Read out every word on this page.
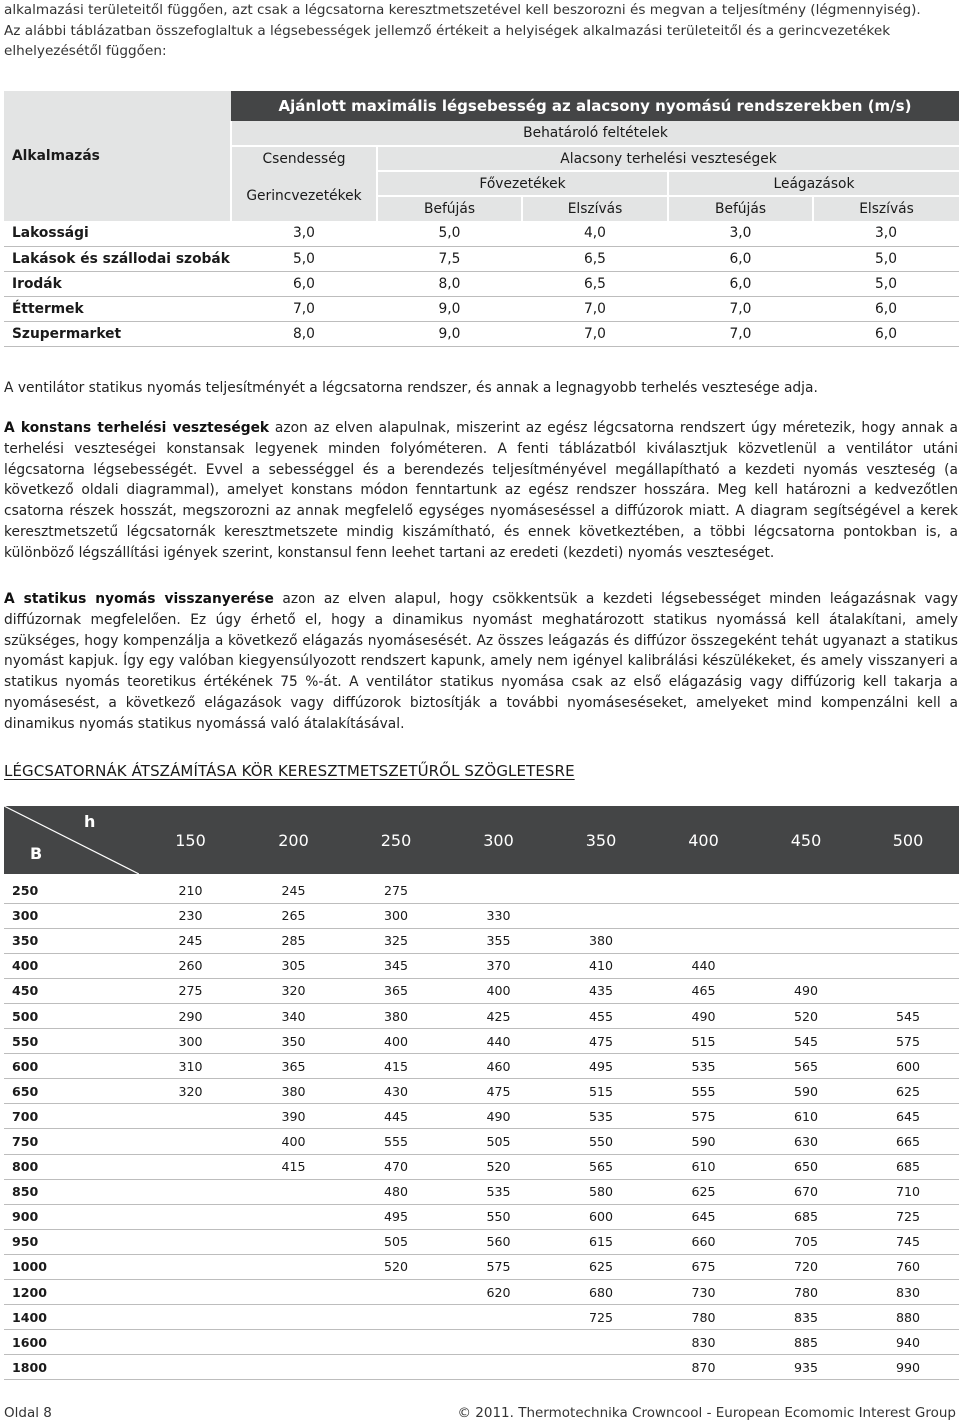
alkalmazási területeitől függően, azt csak a légcsatorna keresztmetszetével kell beszorozni és megvan a teljesítmény (légmennyiség).
Az alábbi táblázatban összefoglaltuk a légsebességek jellemző értékeit a helyiségek alkalmazási területeitől és a gerincvezetékek elhelyezésétől függően:
Alkalmazás	Ajánlott maximális légsebesség az alacsony nyomású rendszerekben (m/s)				
	Behatároló feltételek				
	Csendesség	Alacsony terhelési veszteségek			
	Gerincvezetékek	Fővezetékek		Leágazások	
		Befújás	Elszívás	Befújás	Elszívás
Lakossági	3,0	5,0	4,0	3,0	3,0
Lakások és szállodai szobák	5,0	7,5	6,5	6,0	5,0
Irodák	6,0	8,0	6,5	6,0	5,0
Éttermek	7,0	9,0	7,0	7,0	6,0
Szupermarket	8,0	9,0	7,0	7,0	6,0
A ventilátor statikus nyomás teljesítményét a légcsatorna rendszer, és annak a legnagyobb terhelés vesztesége adja.
A konstans terhelési veszteségek azon az elven alapulnak, miszerint az egész légcsatorna rendszert úgy méretezik, hogy annak a terhelési veszteségei konstansak legyenek minden folyóméteren. A fenti táblázatból kiválasztjuk közvetlenül a ventilátor utáni légcsatorna légsebességét. Evvel a sebességgel és a berendezés teljesítményével megállapítható a kezdeti nyomás veszteség (a következő oldali diagrammal), amelyet konstans módon fenntartunk az egész rendszer hosszára. Meg kell határozni a kedvezőtlen csatorna részek hosszát, megszorozni az annak megfelelő egységes nyomáseséssel a diffúzorok miatt. A diagram segítségével a kerek keresztmetszetű légcsatornák keresztmetszete mindig kiszámítható, és ennek következtében, a többi légcsatorna pontokban is, a különböző légszállítási igények szerint, konstansul fenn leehet tartani az eredeti (kezdeti) nyomás veszteséget.
A statikus nyomás visszanyerése azon az elven alapul, hogy csökkentsük a kezdeti légsebességet minden leágazásnak vagy diffúzornak megfelelően. Ez úgy érhető el, hogy a dinamikus nyomást meghatározott statikus nyomássá kell átalakítani, amely szükséges, hogy kompenzálja a következő elágazás nyomásesését. Az összes leágazás és diffúzor összegeként tehát ugyanazt a statikus nyomást kapjuk. Így egy valóban kiegyensúlyozott rendszert kapunk, amely nem igényel kalibrálási készülékeket, és amely visszanyeri a statikus nyomás teoretikus értékének 75 %-át. A ventilátor statikus nyomása csak az első elágazásig vagy diffúzorig kell takarja a nyomásesést, a következő elágazások vagy diffúzorok biztosítják a további nyomáseséseket, amelyeket mind kompenzálni kell a dinamikus nyomás statikus nyomássá való átalakításával.
LÉGCSATORNÁK ÁTSZÁMÍTÁSA KÖR KERESZTMETSZETŰRŐL SZÖGLETESRE
h
B	150	200	250	300	350	400	450	500

250	210	245	275					
300	230	265	300	330				
350	245	285	325	355	380			
400	260	305	345	370	410	440		
450	275	320	365	400	435	465	490	
500	290	340	380	425	455	490	520	545
550	300	350	400	440	475	515	545	575
600	310	365	415	460	495	535	565	600
650	320	380	430	475	515	555	590	625
700		390	445	490	535	575	610	645
750		400	555	505	550	590	630	665
800		415	470	520	565	610	650	685
850			480	535	580	625	670	710
900			495	550	600	645	685	725
950			505	560	615	660	705	745
1000			520	575	625	675	720	760
1200				620	680	730	780	830
1400					725	780	835	880
1600						830	885	940
1800						870	935	990
Oldal 8	© 2011. Thermotechnika Crowncool - European Ecomomic Interest Group
